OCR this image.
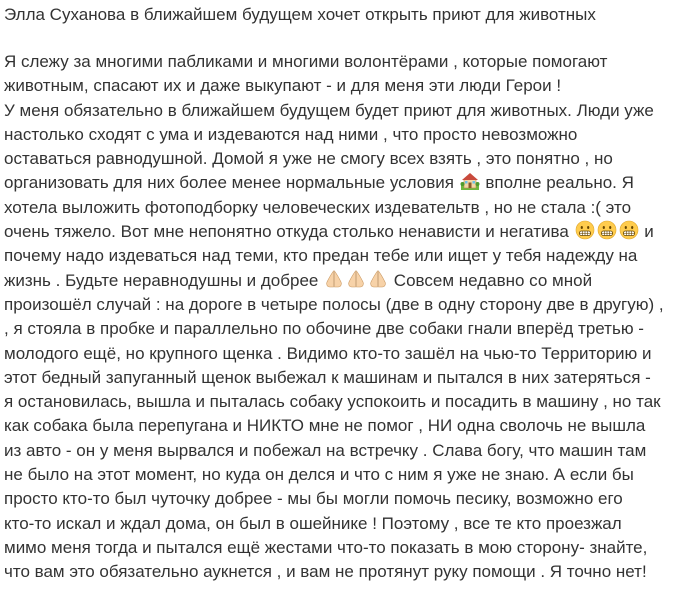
Элла Суханова в ближайшем будущем хочет открыть приют для животных
Я слежу за многими пабликами и многими волонтёрами , которые помогают
животным, спасают их и даже выкупают - и для меня эти люди Герои !
У меня обязательно в ближайшем будущем будет приют для животных. Люди уже
настолько сходят с ума и издеваются над ними , что просто невозможно
оставаться равнодушной. Домой я уже не смогу всех взять , это понятно , но
организовать для них более менее нормальные условия
вполне реально. Я
хотела выложить фотоподборку человеческих издевательтв , но не стала :( это
очень тяжело. Вот мне непонятно откуда столько ненависти и негатива	и
почему надо издеваться над теми, кто предан тебе или ищет у тебя надежду на
жизнь . Будьте неравнодушны и добрее	Совсем недавно со мной
произошёл случай : на дороге в четыре полосы (две в одну сторону две в другую) ,
, я стояла в пробке и параллельно по обочине две собаки гнали вперёд третью -
молодого ещё, но крупного щенка . Видимо кто-то зашёл на чью-то Территорию и
этот бедный запуганный щенок выбежал к машинам и пытался в них затеряться -
я остановилась, вышла и пыталась собаку успокоить и посадить в машину , но так
как собака была перепугана и НИКТО мне не помог , НИ одна сволочь не вышла
из авто - он у меня вырвался и побежал на встречку . Слава богу, что машин там
не было на этот момент, но куда он делся и что с ним я уже не знаю. А если бы
просто кто-то был чуточку добрее - мы бы могли помочь песику, возможно его
кто-то искал и ждал дома, он был в ошейнике ! Поэтому , все те кто проезжал
мимо меня тогда и пытался ещё жестами что-то показать в мою сторону- знайте,
что вам это обязательно аукнется , и вам не протянут руку помощи . Я точно нет!
